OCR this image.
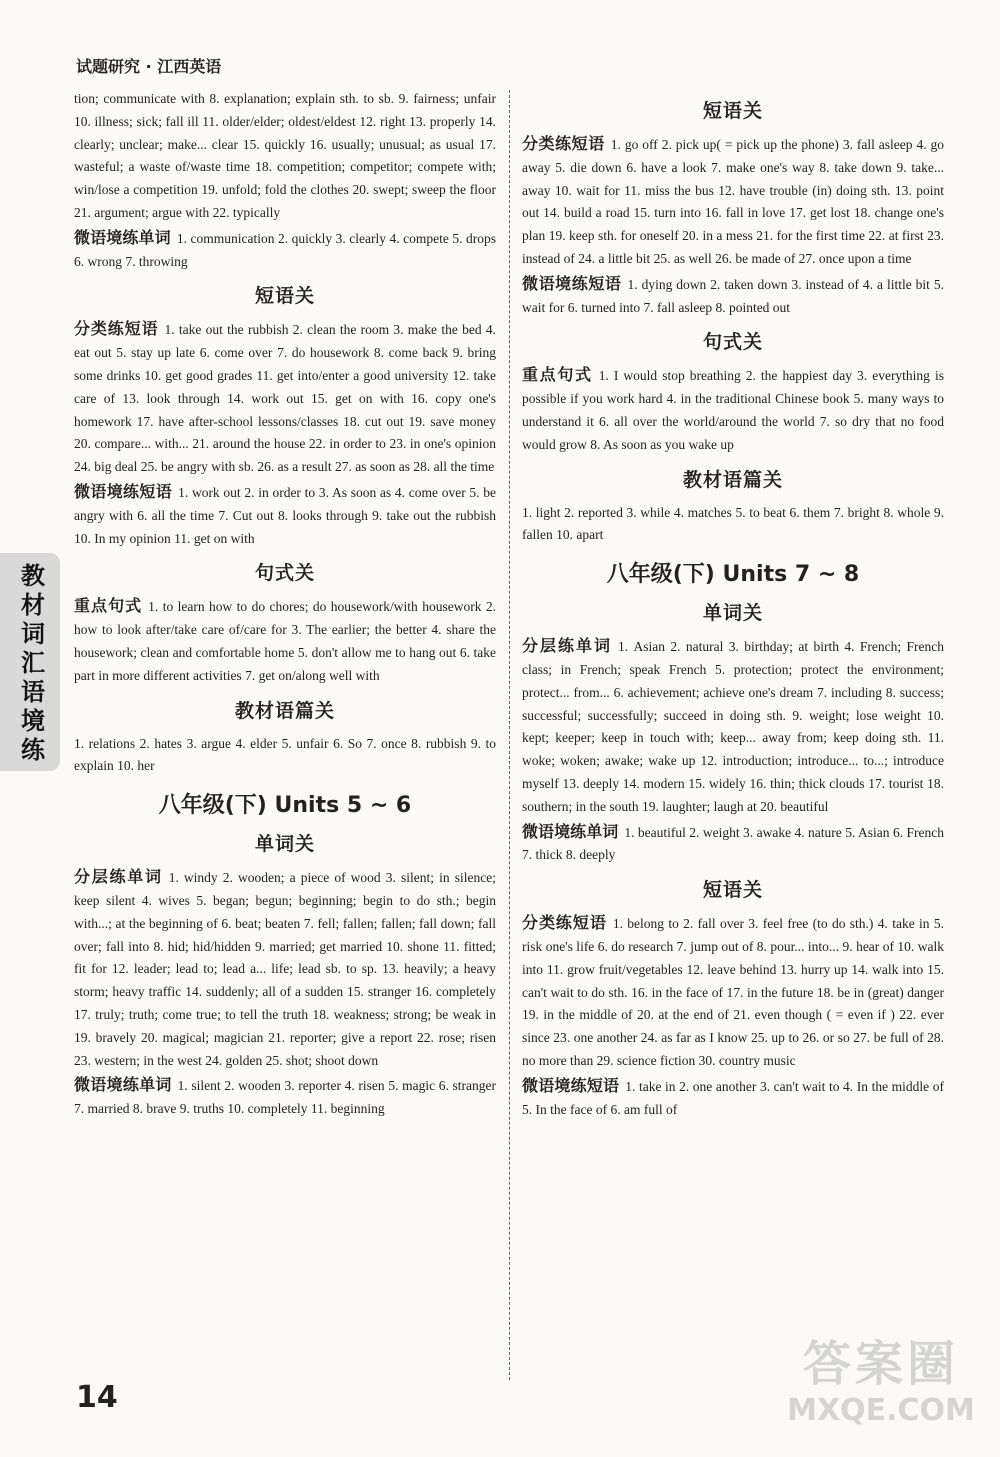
试题研究 · 江西英语
教材词汇语境练

tion; communicate with 8. explanation; explain sth. to sb. 9. fairness; unfair 10. illness; sick; fall ill 11. older/elder; oldest/eldest 12. right 13. properly 14. clearly; unclear; make... clear 15. quickly 16. usually; unusual; as usual 17. wasteful; a waste of/waste time 18. competition; competitor; compete with; win/lose a competition 19. unfold; fold the clothes 20. swept; sweep the floor 21. argument; argue with 22. typically

微语境练单词 1. communication 2. quickly 3. clearly 4. compete 5. drops 6. wrong 7. throwing

短语关

分类练短语 1. take out the rubbish 2. clean the room 3. make the bed 4. eat out 5. stay up late 6. come over 7. do housework 8. come back 9. bring some drinks 10. get good grades 11. get into/enter a good university 12. take care of 13. look through 14. work out 15. get on with 16. copy one's homework 17. have after-school lessons/classes 18. cut out 19. save money 20. compare... with... 21. around the house 22. in order to 23. in one's opinion 24. big deal 25. be angry with sb. 26. as a result 27. as soon as 28. all the time

微语境练短语 1. work out 2. in order to 3. As soon as 4. come over 5. be angry with 6. all the time 7. Cut out 8. looks through 9. take out the rubbish 10. In my opinion 11. get on with

句式关

重点句式 1. to learn how to do chores; do housework/with housework 2. how to look after/take care of/care for 3. The earlier; the better 4. share the housework; clean and comfortable home 5. don't allow me to hang out 6. take part in more different activities 7. get on/along well with

教材语篇关

1. relations 2. hates 3. argue 4. elder 5. unfair 6. So 7. once 8. rubbish 9. to explain 10. her

八年级(下) Units 5 ~ 6
单词关

分层练单词 1. windy 2. wooden; a piece of wood 3. silent; in silence; keep silent 4. wives 5. began; begun; beginning; begin to do sth.; begin with...; at the beginning of 6. beat; beaten 7. fell; fallen; fallen; fall down; fall over; fall into 8. hid; hid/hidden 9. married; get married 10. shone 11. fitted; fit for 12. leader; lead to; lead a... life; lead sb. to sp. 13. heavily; a heavy storm; heavy traffic 14. suddenly; all of a sudden 15. stranger 16. completely 17. truly; truth; come true; to tell the truth 18. weakness; strong; be weak in 19. bravely 20. magical; magician 21. reporter; give a report 22. rose; risen 23. western; in the west 24. golden 25. shot; shoot down

微语境练单词 1. silent 2. wooden 3. reporter 4. risen 5. magic 6. stranger 7. married 8. brave 9. truths 10. completely 11. beginning

短语关

分类练短语 1. go off 2. pick up( = pick up the phone) 3. fall asleep 4. go away 5. die down 6. have a look 7. make one's way 8. take down 9. take... away 10. wait for 11. miss the bus 12. have trouble (in) doing sth. 13. point out 14. build a road 15. turn into 16. fall in love 17. get lost 18. change one's plan 19. keep sth. for oneself 20. in a mess 21. for the first time 22. at first 23. instead of 24. a little bit 25. as well 26. be made of 27. once upon a time

微语境练短语 1. dying down 2. taken down 3. instead of 4. a little bit 5. wait for 6. turned into 7. fall asleep 8. pointed out

句式关

重点句式 1. I would stop breathing 2. the happiest day 3. everything is possible if you work hard 4. in the traditional Chinese book 5. many ways to understand it 6. all over the world/around the world 7. so dry that no food would grow 8. As soon as you wake up

教材语篇关

1. light 2. reported 3. while 4. matches 5. to beat 6. them 7. bright 8. whole 9. fallen 10. apart

八年级(下) Units 7 ~ 8
单词关

分层练单词 1. Asian 2. natural 3. birthday; at birth 4. French; French class; in French; speak French 5. protection; protect the environment; protect... from... 6. achievement; achieve one's dream 7. including 8. success; successful; successfully; succeed in doing sth. 9. weight; lose weight 10. kept; keeper; keep in touch with; keep... away from; keep doing sth. 11. woke; woken; awake; wake up 12. introduction; introduce... to...; introduce myself 13. deeply 14. modern 15. widely 16. thin; thick clouds 17. tourist 18. southern; in the south 19. laughter; laugh at 20. beautiful

微语境练单词 1. beautiful 2. weight 3. awake 4. nature 5. Asian 6. French 7. thick 8. deeply

短语关

分类练短语 1. belong to 2. fall over 3. feel free (to do sth.) 4. take in 5. risk one's life 6. do research 7. jump out of 8. pour... into... 9. hear of 10. walk into 11. grow fruit/vegetables 12. leave behind 13. hurry up 14. walk into 15. can't wait to do sth. 16. in the face of 17. in the future 18. be in (great) danger 19. in the middle of 20. at the end of 21. even though ( = even if ) 22. ever since 23. one another 24. as far as I know 25. up to 26. or so 27. be full of 28. no more than 29. science fiction 30. country music

微语境练短语 1. take in 2. one another 3. can't wait to 4. In the middle of 5. In the face of 6. am full of

14
答案圈
MXQE.COM
